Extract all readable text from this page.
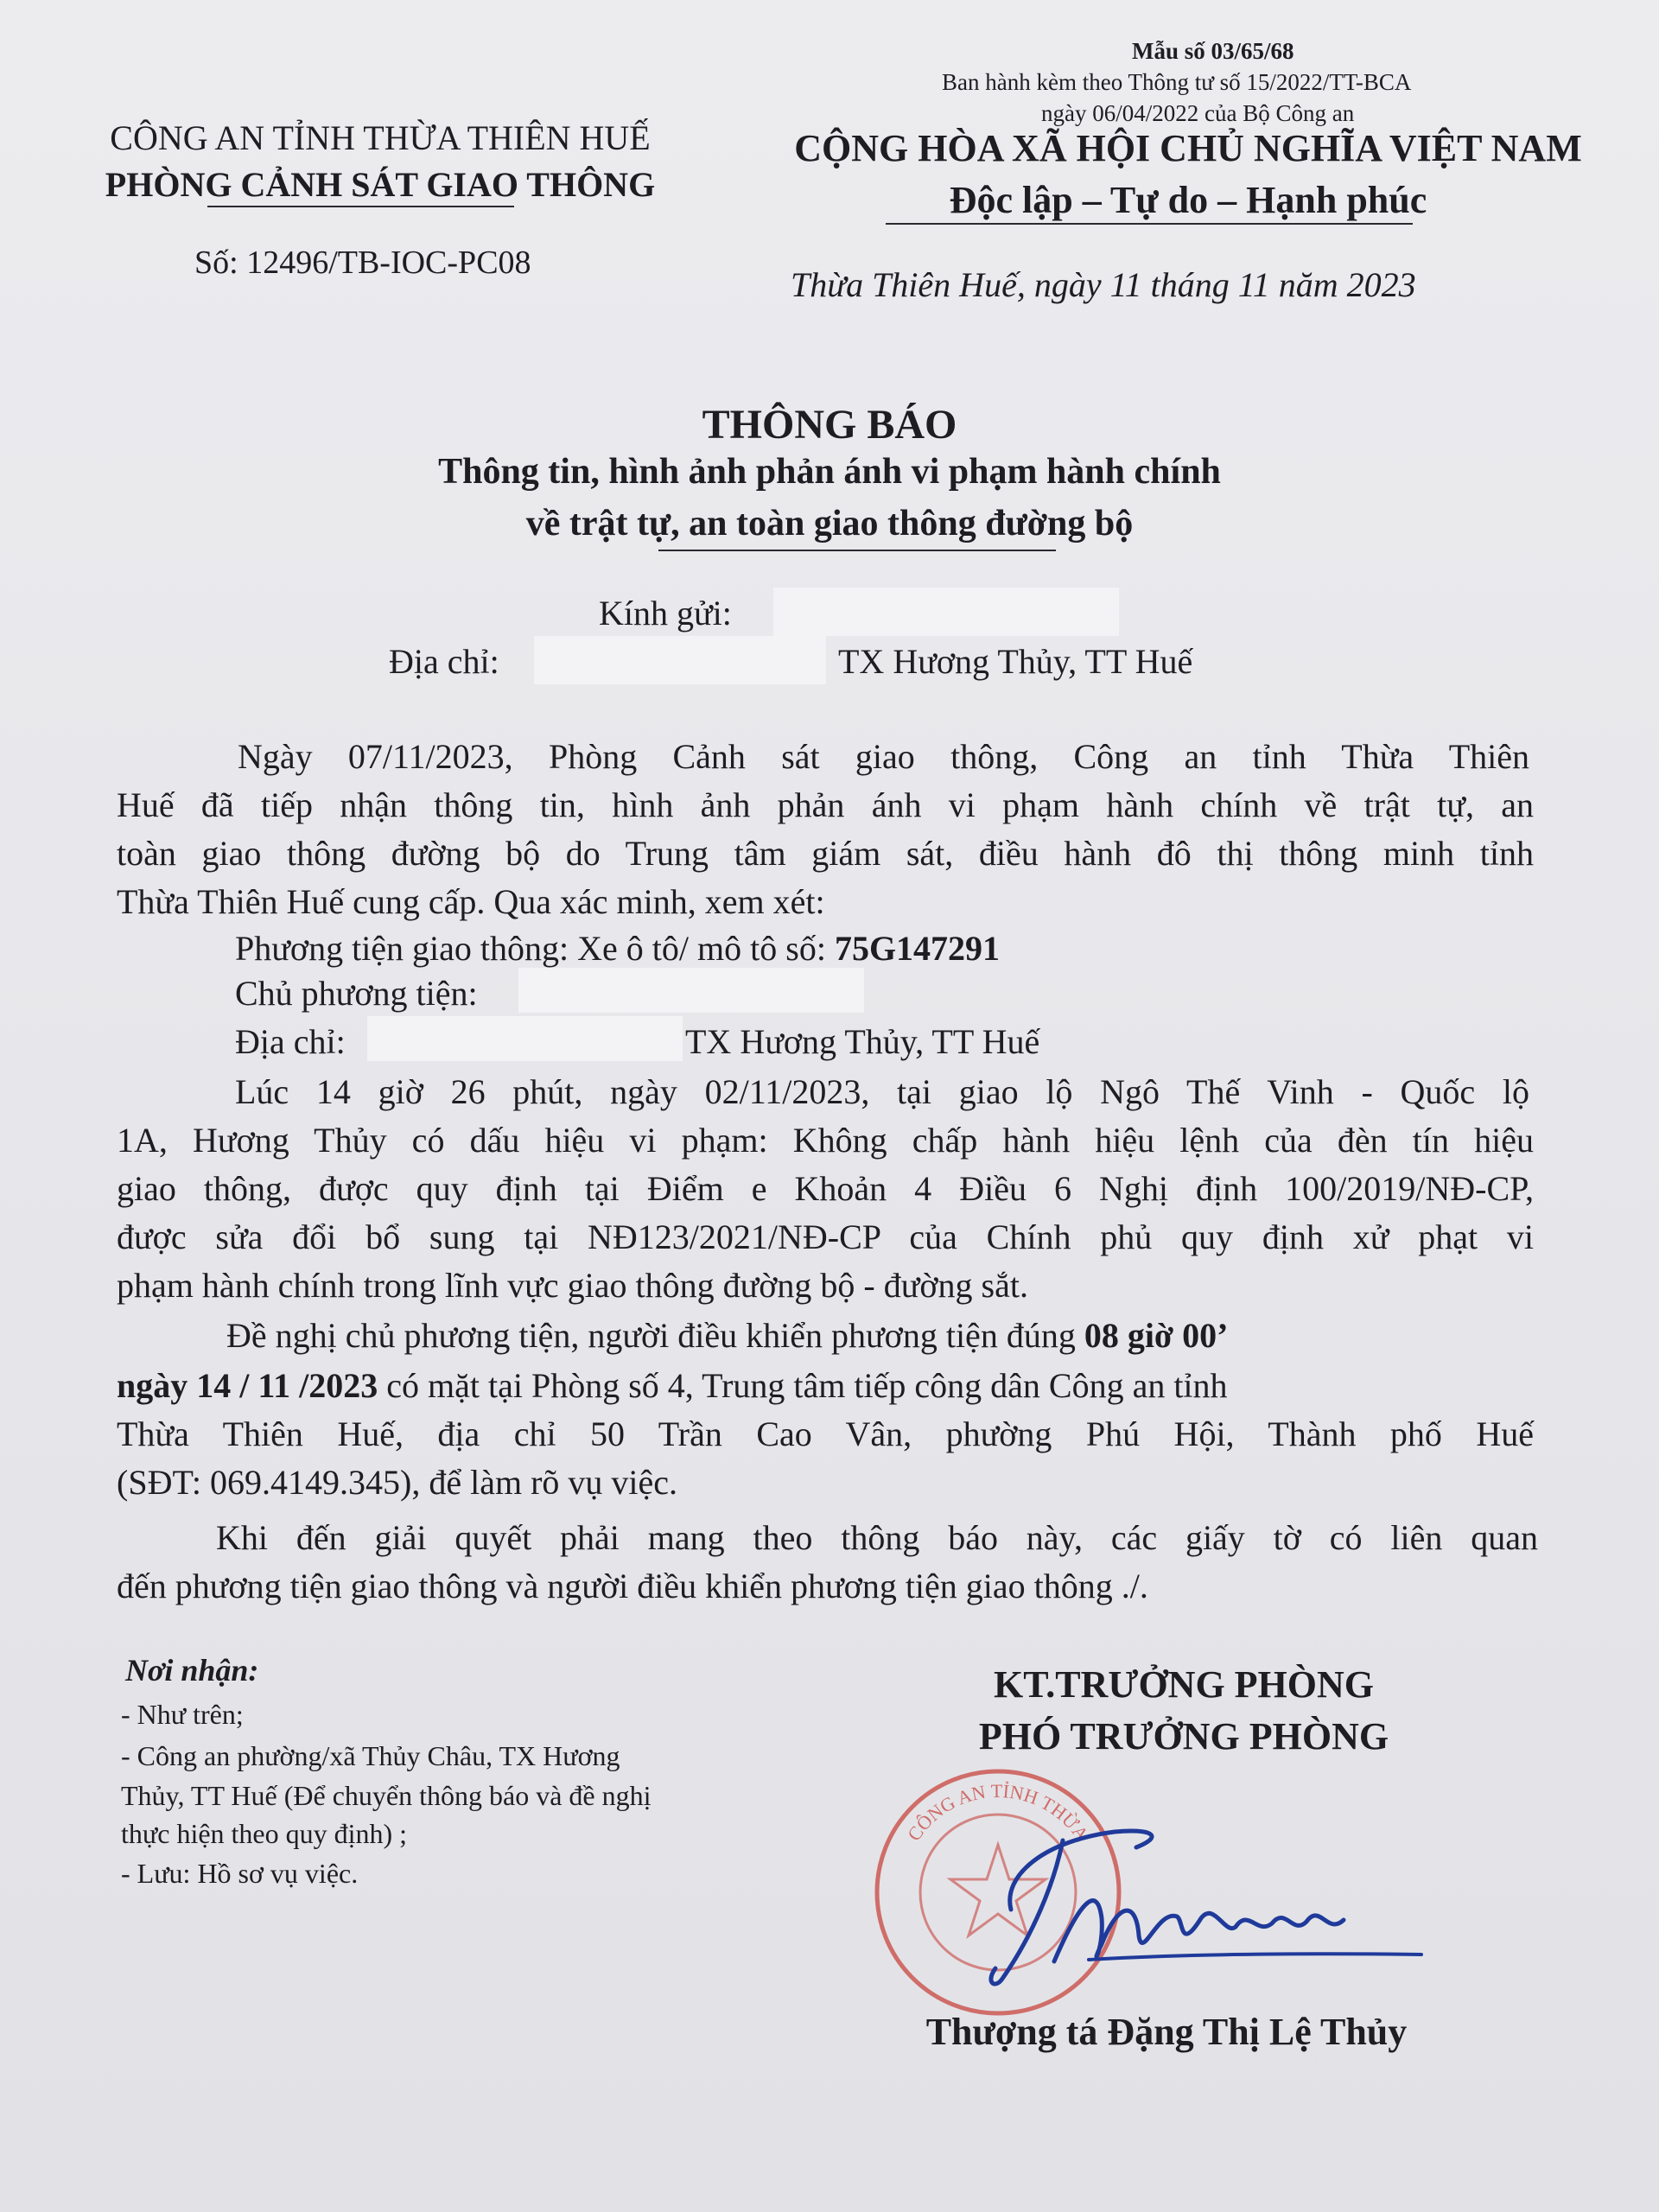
Mẫu số 03/65/68
Ban hành kèm theo Thông tư số 15/2022/TT-BCA
ngày 06/04/2022 của Bộ Công an
CÔNG AN TỈNH THỪA THIÊN HUẾ
PHÒNG CẢNH SÁT GIAO THÔNG
Số: 12496/TB-IOC-PC08
CỘNG HÒA XÃ HỘI CHỦ NGHĨA VIỆT NAM
Độc lập – Tự do – Hạnh phúc
Thừa Thiên Huế, ngày 11 tháng 11 năm 2023
THÔNG BÁO
Thông tin, hình ảnh phản ánh vi phạm hành chính
về trật tự, an toàn giao thông đường bộ
Kính gửi:
Địa chỉ:	TX Hương Thủy, TT Huế
Ngày 07/11/2023, Phòng Cảnh sát giao thông, Công an tỉnh Thừa Thiên
Huế đã tiếp nhận thông tin, hình ảnh phản ánh vi phạm hành chính về trật tự, an
toàn giao thông đường bộ do Trung tâm giám sát, điều hành đô thị thông minh tỉnh
Thừa Thiên Huế cung cấp. Qua xác minh, xem xét:
Phương tiện giao thông: Xe ô tô/ mô tô số: 75G147291
Chủ phương tiện:
Địa chỉ:	TX Hương Thủy, TT Huế
Lúc 14 giờ 26 phút, ngày 02/11/2023, tại giao lộ Ngô Thế Vinh - Quốc lộ
1A, Hương Thủy có dấu hiệu vi phạm: Không chấp hành hiệu lệnh của đèn tín hiệu
giao thông, được quy định tại Điểm e Khoản 4 Điều 6 Nghị định 100/2019/NĐ-CP,
được sửa đổi bổ sung tại NĐ123/2021/NĐ-CP của Chính phủ quy định xử phạt vi
phạm hành chính trong lĩnh vực giao thông đường bộ - đường sắt.
Đề nghị chủ phương tiện, người điều khiển phương tiện đúng 08 giờ 00’
ngày 14 / 11 /2023 có mặt tại Phòng số 4, Trung tâm tiếp công dân Công an tỉnh
Thừa Thiên Huế, địa chỉ 50 Trần Cao Vân, phường Phú Hội, Thành phố Huế
(SĐT: 069.4149.345), để làm rõ vụ việc.
Khi đến giải quyết phải mang theo thông báo này, các giấy tờ có liên quan
đến phương tiện giao thông và người điều khiển phương tiện giao thông ./.
Nơi nhận:
- Như trên;
- Công an phường/xã Thủy Châu, TX Hương
Thủy, TT Huế (Để chuyển thông báo và đề nghị
thực hiện theo quy định) ;
- Lưu: Hồ sơ vụ việc.
KT.TRƯỞNG PHÒNG
PHÓ TRƯỞNG PHÒNG
CÔNG AN TỈNH THỪA
Thượng tá Đặng Thị Lệ Thủy
